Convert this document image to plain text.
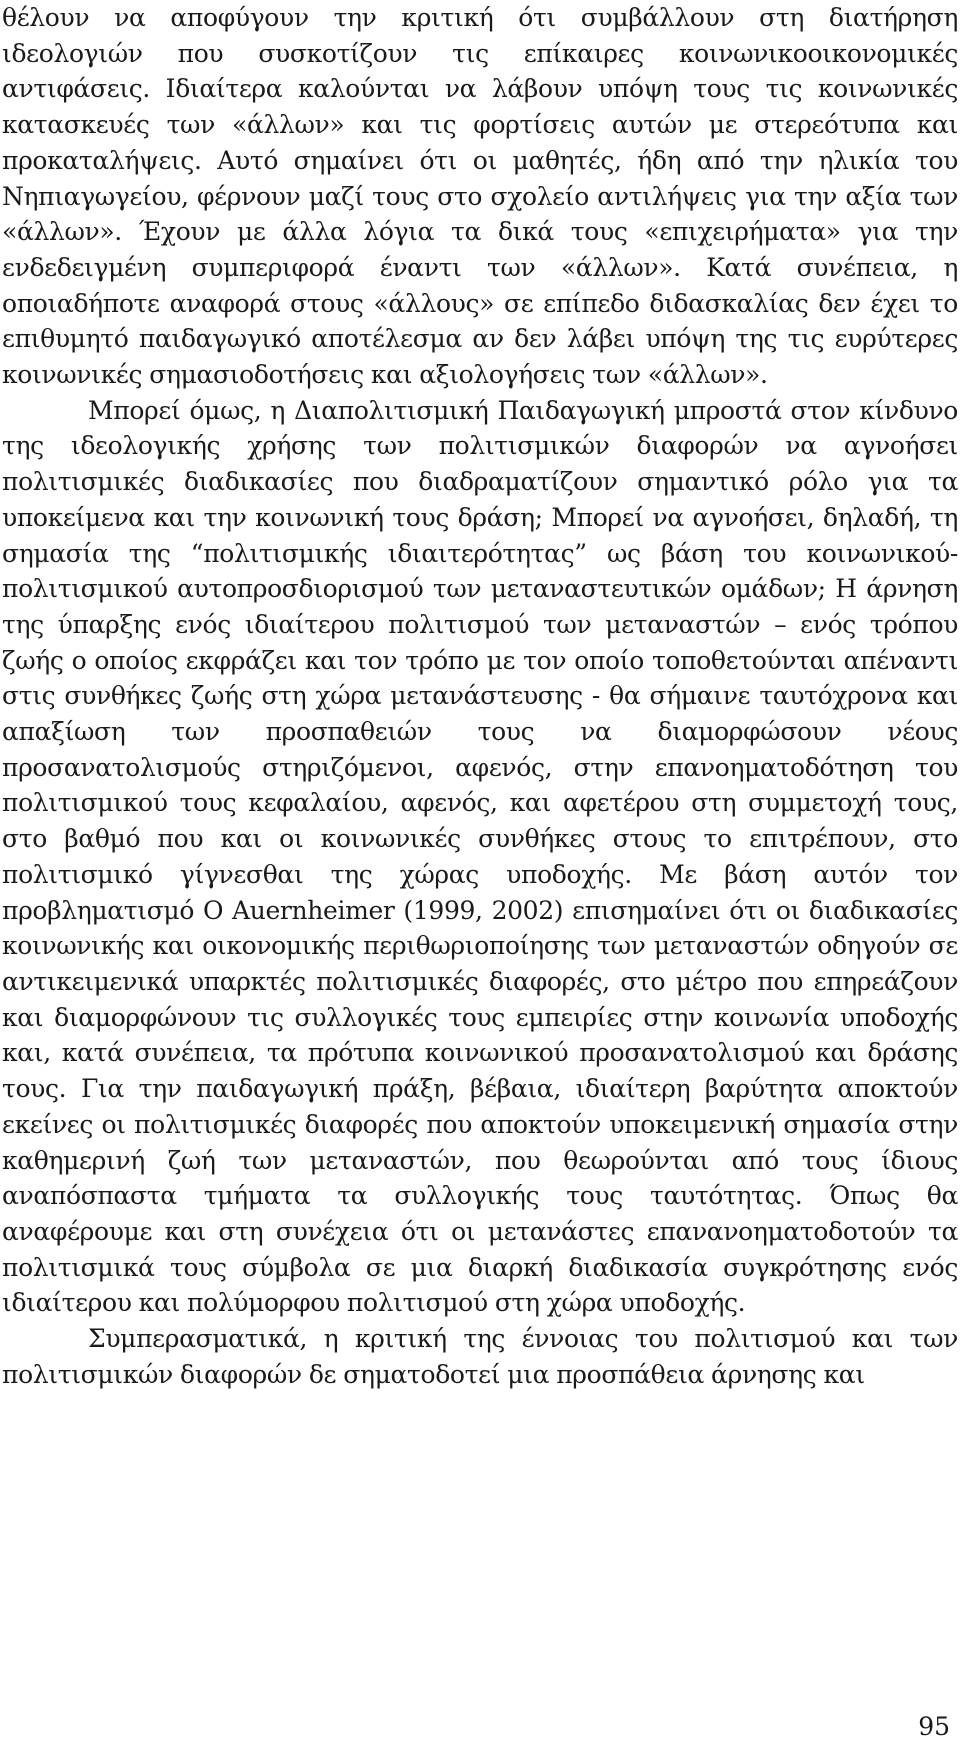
θέλουν να αποφύγουν την κριτική ότι συμβάλλουν στη διατήρηση ιδεολογιών που συσκοτίζουν τις επίκαιρες κοινωνικοοικονομικές αντιφάσεις. Ιδιαίτερα καλούνται να λάβουν υπόψη τους τις κοινωνικές κατασκευές των «άλλων» και τις φορτίσεις αυτών με στερεότυπα και προκαταλήψεις. Αυτό σημαίνει ότι οι μαθητές, ήδη από την ηλικία του Νηπιαγωγείου, φέρνουν μαζί τους στο σχολείο αντιλήψεις για την αξία των «άλλων». Έχουν με άλλα λόγια τα δικά τους «επιχειρήματα» για την ενδεδειγμένη συμπεριφορά έναντι των «άλλων». Κατά συνέπεια, η οποιαδήποτε αναφορά στους «άλλους» σε επίπεδο διδασκαλίας δεν έχει το επιθυμητό παιδαγωγικό αποτέλεσμα αν δεν λάβει υπόψη της τις ευρύτερες κοινωνικές σημασιοδοτήσεις και αξιολογήσεις των «άλλων».

Μπορεί όμως, η Διαπολιτισμική Παιδαγωγική μπροστά στον κίνδυνο της ιδεολογικής χρήσης των πολιτισμικών διαφορών να αγνοήσει πολιτισμικές διαδικασίες που διαδραματίζουν σημαντικό ρόλο για τα υποκείμενα και την κοινωνική τους δράση; Μπορεί να αγνοήσει, δηλαδή, τη σημασία της “πολιτισμικής ιδιαιτερότητας” ως βάση του κοινωνικού-πολιτισμικού αυτοπροσδιορισμού των μεταναστευτικών ομάδων; Η άρνηση της ύπαρξης ενός ιδιαίτερου πολιτισμού των μεταναστών – ενός τρόπου ζωής ο οποίος εκφράζει και τον τρόπο με τον οποίο τοποθετούνται απέναντι στις συνθήκες ζωής στη χώρα μετανάστευσης - θα σήμαινε ταυτόχρονα και απαξίωση των προσπαθειών τους να διαμορφώσουν νέους προσανατολισμούς στηριζόμενοι, αφενός, στην επανοηματοδότηση του πολιτισμικού τους κεφαλαίου, αφενός, και αφετέρου στη συμμετοχή τους, στο βαθμό που και οι κοινωνικές συνθήκες στους το επιτρέπουν, στο πολιτισμικό γίγνεσθαι της χώρας υποδοχής. Με βάση αυτόν τον προβληματισμό Ο Auernheimer (1999, 2002) επισημαίνει ότι οι διαδικασίες κοινωνικής και οικονομικής περιθωριοποίησης των μεταναστών οδηγούν σε αντικειμενικά υπαρκτές πολιτισμικές διαφορές, στο μέτρο που επηρεάζουν και διαμορφώνουν τις συλλογικές τους εμπειρίες στην κοινωνία υποδοχής και, κατά συνέπεια, τα πρότυπα κοινωνικού προσανατολισμού και δράσης τους. Για την παιδαγωγική πράξη, βέβαια, ιδιαίτερη βαρύτητα αποκτούν εκείνες οι πολιτισμικές διαφορές που αποκτούν υποκειμενική σημασία στην καθημερινή ζωή των μεταναστών, που θεωρούνται από τους ίδιους αναπόσπαστα τμήματα τα συλλογικής τους ταυτότητας. Όπως θα αναφέρουμε και στη συνέχεια ότι οι μετανάστες επανανοηματοδοτούν τα πολιτισμικά τους σύμβολα σε μια διαρκή διαδικασία συγκρότησης ενός ιδιαίτερου και πολύμορφου πολιτισμού στη χώρα υποδοχής.

Συμπερασματικά, η κριτική της έννοιας του πολιτισμού και των πολιτισμικών διαφορών δε σηματοδοτεί μια προσπάθεια άρνησης και

95
